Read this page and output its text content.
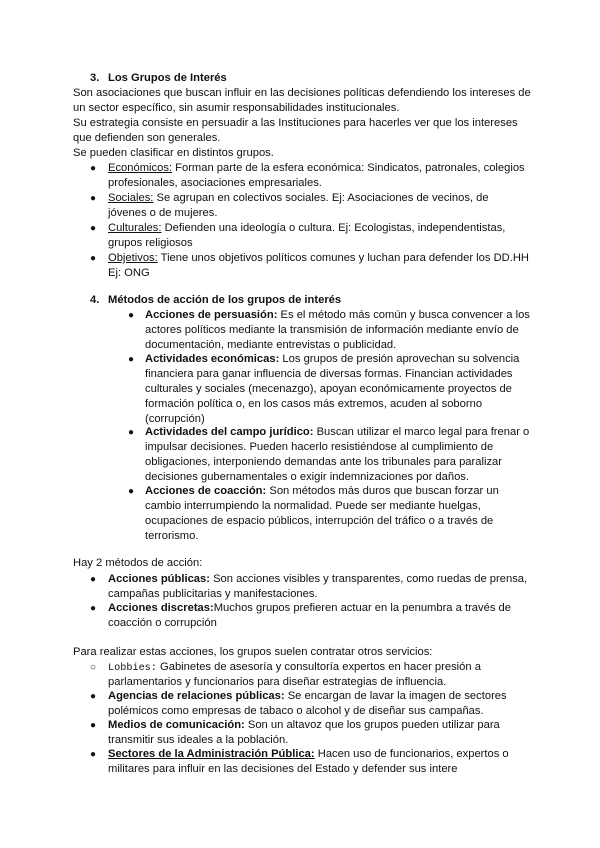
3. Los Grupos de Interés
Son asociaciones que buscan influir en las decisiones políticas defendiendo los intereses de
un sector específico, sin asumir responsabilidades institucionales.
Su estrategia consiste en persuadir a las Instituciones para hacerles ver que los intereses
que defienden son generales.
Se pueden clasificar en distintos grupos.
● Económicos: Forman parte de la esfera económica: Sindicatos, patronales, colegios
profesionales, asociaciones empresariales.
● Sociales: Se agrupan en colectivos sociales. Ej: Asociaciones de vecinos, de
jóvenes o de mujeres.
● Culturales: Defienden una ideología o cultura. Ej: Ecologistas, independentistas,
grupos religiosos
● Objetivos: Tiene unos objetivos políticos comunes y luchan para defender los DD.HH
Ej: ONG
4. Métodos de acción de los grupos de interés
● Acciones de persuasión: Es el método más común y busca convencer a los
actores políticos mediante la transmisión de información mediante envío de
documentación, mediante entrevistas o publicidad.
● Actividades económicas: Los grupos de presión aprovechan su solvencia
financiera para ganar influencia de diversas formas. Financian actividades
culturales y sociales (mecenazgo), apoyan económicamente proyectos de
formación política o, en los casos más extremos, acuden al soborno
(corrupción)
● Actividades del campo jurídico: Buscan utilizar el marco legal para frenar o
impulsar decisiones. Pueden hacerlo resistiéndose al cumplimiento de
obligaciones, interponiendo demandas ante los tribunales para paralizar
decisiones gubernamentales o exigir indemnizaciones por daños.
● Acciones de coacción: Son métodos más duros que buscan forzar un
cambio interrumpiendo la normalidad. Puede ser mediante huelgas,
ocupaciones de espacio públicos, interrupción del tráfico o a través de
terrorismo.
Hay 2 métodos de acción:
● Acciones públicas: Son acciones visibles y transparentes, como ruedas de prensa,
campañas publicitarias y manifestaciones.
● Acciones discretas:Muchos grupos prefieren actuar en la penumbra a través de
coacción o corrupción
Para realizar estas acciones, los grupos suelen contratar otros servicios:
○ Lobbies: Gabinetes de asesoría y consultoría expertos en hacer presión a
parlamentarios y funcionarios para diseñar estrategias de influencia.
● Agencias de relaciones públicas: Se encargan de lavar la imagen de sectores
polémicos como empresas de tabaco o alcohol y de diseñar sus campañas.
● Medios de comunicación: Son un altavoz que los grupos pueden utilizar para
transmitir sus ideales a la población.
● Sectores de la Administración Pública: Hacen uso de funcionarios, expertos o
militares para influir en las decisiones del Estado y defender sus intere
